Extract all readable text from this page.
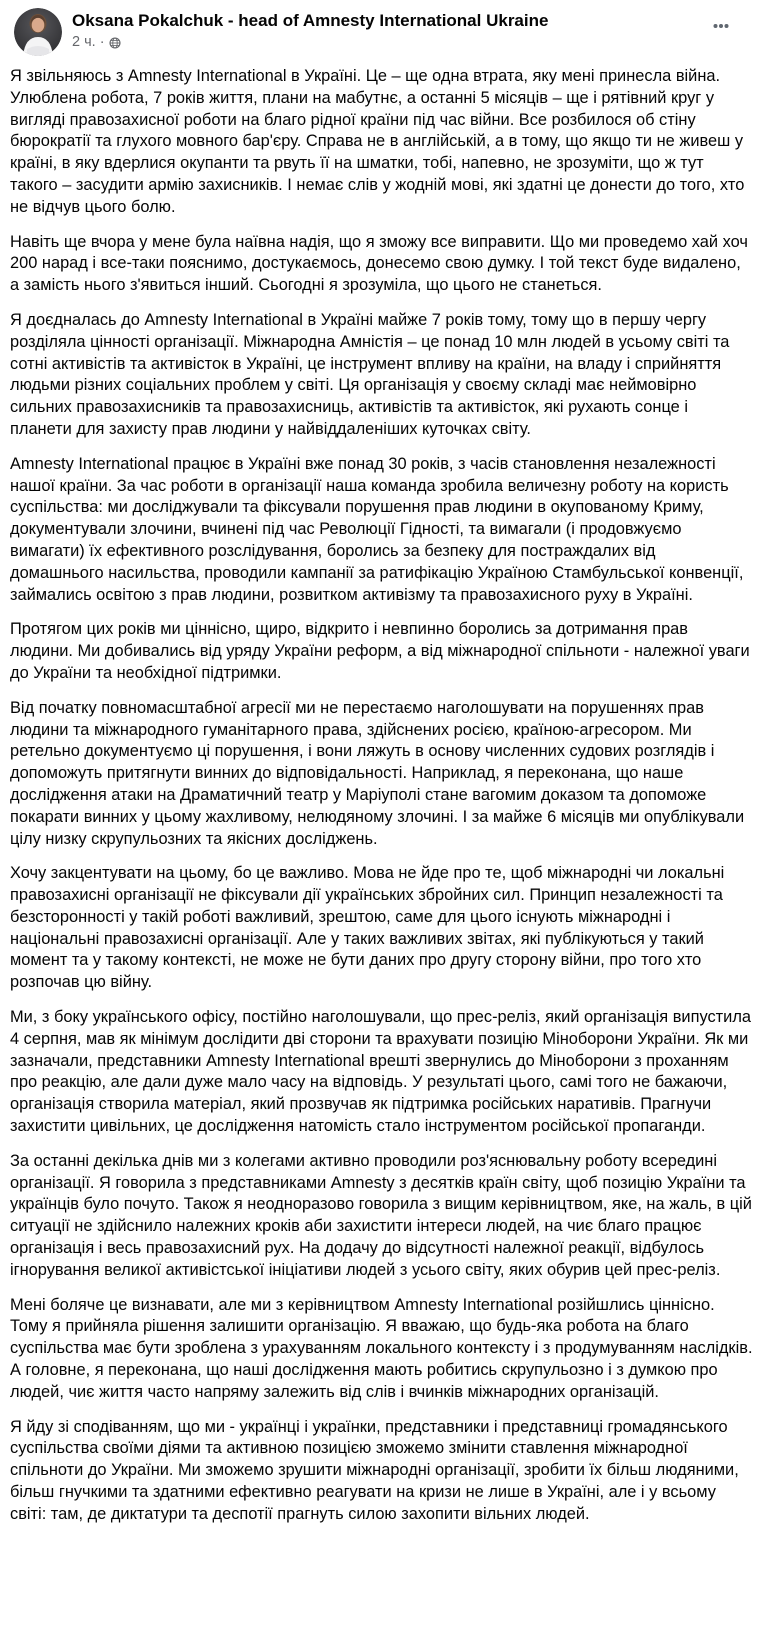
Oksana Pokalchuk - head of Amnesty International Ukraine
2 ч. ·

Я звільняюсь з Amnesty International в Україні. Це – ще одна втрата, яку мені принесла війна. Улюблена робота, 7 років життя, плани на мабутнє, а останні 5 місяців – ще і рятівний круг у вигляді правозахисної роботи на благо рідної країни під час війни. Все розбилося об стіну бюрократії та глухого мовного бар'єру. Справа не в англійській, а в тому, що якщо ти не живеш у країні, в яку вдерлися окупанти та рвуть її на шматки, тобі, напевно, не зрозуміти, що ж тут такого – засудити армію захисників. І немає слів у жодній мові, які здатні це донести до того, хто не відчув цього болю.

Навіть ще вчора у мене була наївна надія, що я зможу все виправити. Що ми проведемо хай хоч 200 нарад і все-таки пояснимо, достукаємось, донесемо свою думку. І той текст буде видалено, а замість нього з'явиться інший. Сьогодні я зрозуміла, що цього не станеться.

Я доєдналась до Amnesty International в Україні майже 7 років тому, тому що в першу чергу розділяла цінності організації. Міжнародна Амністія – це понад 10 млн людей в усьому світі та сотні активістів та активісток в Україні, це інструмент впливу на країни, на владу і сприйняття людьми різних соціальних проблем у світі. Ця організація у своєму складі має неймовірно сильних правозахисників та правозахисниць, активістів та активісток, які рухають сонце і планети для захисту прав людини у найвіддаленіших куточках світу.

Amnesty International працює в Україні вже понад 30 років, з часів становлення незалежності нашої країни. За час роботи в організації наша команда зробила величезну роботу на користь суспільства: ми досліджували та фіксували порушення прав людини в окупованому Криму, документували злочини, вчинені під час Революції Гідності, та вимагали (і продовжуємо вимагати) їх ефективного розслідування, боролись за безпеку для постраждалих від домашнього насильства, проводили кампанії за ратифікацію Україною Стамбульської конвенції, займались освітою з прав людини, розвитком активізму та правозахисного руху в Україні.

Протягом цих років ми ціннісно, щиро, відкрито і невпинно боролись за дотримання прав людини. Ми добивались від уряду України реформ, а від міжнародної спільноти - належної уваги до України та необхідної підтримки.

Від початку повномасштабної агресії ми не перестаємо наголошувати на порушеннях прав людини та міжнародного гуманітарного права, здійснених росією, країною-агресором. Ми ретельно документуємо ці порушення, і вони ляжуть в основу численних судових розглядів і допоможуть притягнути винних до відповідальності. Наприклад, я переконана, що наше дослідження атаки на Драматичний театр у Маріуполі стане вагомим доказом та допоможе покарати винних у цьому жахливому, нелюдяному злочині. І за майже 6 місяців ми опублікували цілу низку скрупульозних та якісних досліджень.

Хочу закцентувати на цьому, бо це важливо. Мова не йде про те, щоб міжнародні чи локальні правозахисні організації не фіксували дії українських збройних сил. Принцип незалежності та безсторонності у такій роботі важливий, зрештою, саме для цього існують міжнародні і національні правозахисні організації. Але у таких важливих звітах, які публікуються у такий момент та у такому контексті, не може не бути даних про другу сторону війни, про того хто розпочав цю війну.

Ми, з боку українського офісу, постійно наголошували, що прес-реліз, який організація випустила 4 серпня, мав як мінімум дослідити дві сторони та врахувати позицію Міноборони України. Як ми зазначали, представники Amnesty International врешті звернулись до Міноборони з проханням про реакцію, але дали дуже мало часу на відповідь. У результаті цього, самі того не бажаючи, організація створила матеріал, який прозвучав як підтримка російських наративів. Прагнучи захистити цивільних, це дослідження натомість стало інструментом російської пропаганди.

За останні декілька днів ми з колегами активно проводили роз'яснювальну роботу всередині організації. Я говорила з представниками Amnesty з десятків країн світу, щоб позицію України та українців було почуто. Також я неодноразово говорила з вищим керівництвом, яке, на жаль, в цій ситуації не здійснило належних кроків аби захистити інтереси людей, на чиє благо працює організація і весь правозахисний рух. На додачу до відсутності належної реакції, відбулось ігнорування великої активістської ініціативи людей з усього світу, яких обурив цей прес-реліз.

Мені боляче це визнавати, але ми з керівництвом Amnesty International розійшлись ціннісно. Тому я прийняла рішення залишити організацію. Я вважаю, що будь-яка робота на благо суспільства має бути зроблена з урахуванням локального контексту і з продумуванням наслідків. А головне, я переконана, що наші дослідження мають робитись скрупульозно і з думкою про людей, чиє життя часто напряму залежить від слів і вчинків міжнародних організацій.

Я йду зі сподіванням, що ми - українці і українки, представники і представниці громадянського суспільства своїми діями та активною позицією зможемо змінити ставлення міжнародної спільноти до України. Ми зможемо зрушити міжнародні організації, зробити їх більш людяними, більш гнучкими та здатними ефективно реагувати на кризи не лише в Україні, але і у всьому світі: там, де диктатури та деспотії прагнуть силою захопити вільних людей.
